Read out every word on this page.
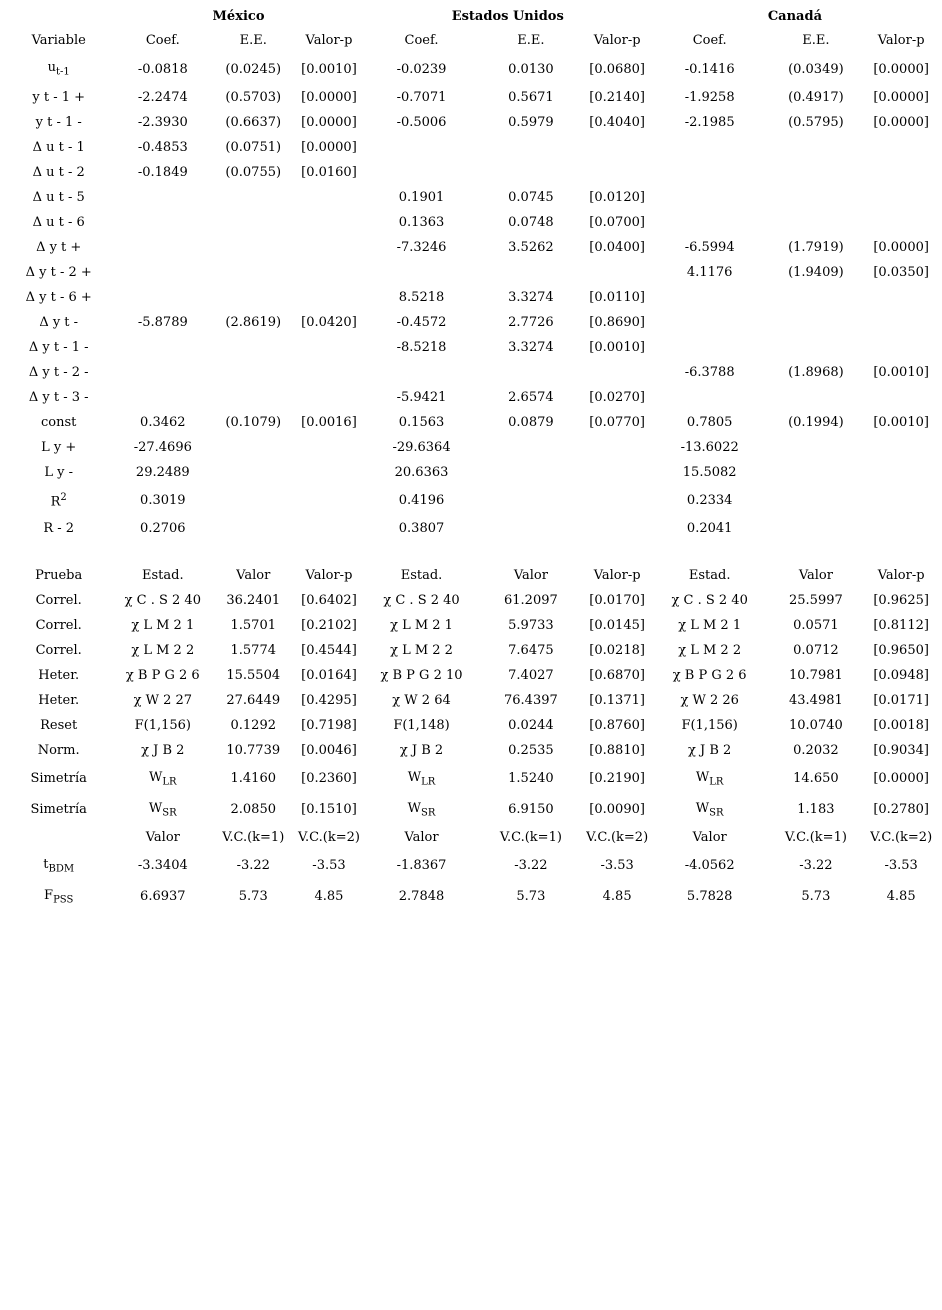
	México			Estados Unidos			Canadá		
Variable	Coef.	E.E.	Valor-p	Coef.	E.E.	Valor-p	Coef.	E.E.	Valor-p
$u_{t-1}$	-0.0818	(0.0245)	[0.0010]	-0.0239	0.0130	[0.0680]	-0.1416	(0.0349)	[0.0000]
y t - 1 +	-2.2474	(0.5703)	[0.0000]	-0.7071	0.5671	[0.2140]	-1.9258	(0.4917)	[0.0000]
y t - 1 -	-2.3930	(0.6637)	[0.0000]	-0.5006	0.5979	[0.4040]	-2.1985	(0.5795)	[0.0000]
Δ u t - 1	-0.4853	(0.0751)	[0.0000]						
Δ u t - 2	-0.1849	(0.0755)	[0.0160]						
Δ u t - 5				0.1901	0.0745	[0.0120]			
Δ u t - 6				0.1363	0.0748	[0.0700]			
Δ y t +				-7.3246	3.5262	[0.0400]	-6.5994	(1.7919)	[0.0000]
Δ y t - 2 +							4.1176	(1.9409)	[0.0350]
Δ y t - 6 +				8.5218	3.3274	[0.0110]			
Δ y t -	-5.8789	(2.8619)	[0.0420]	-0.4572	2.7726	[0.8690]			
Δ y t - 1 -				-8.5218	3.3274	[0.0010]			
Δ y t - 2 -							-6.3788	(1.8968)	[0.0010]
Δ y t - 3 -				-5.9421	2.6574	[0.0270]			
const	0.3462	(0.1079)	[0.0016]	0.1563	0.0879	[0.0770]	0.7805	(0.1994)	[0.0010]
L y +	-27.4696			-29.6364			-13.6022		
L y -	29.2489			20.6363			15.5082		
$R^2$	0.3019			0.4196			0.2334		
R - 2	0.2706			0.3807			0.2041		

Prueba	Estad.	Valor	Valor-p	Estad.	Valor	Valor-p	Estad.	Valor	Valor-p
Correl.	χ C . S 2 40	36.2401	[0.6402]	χ C . S 2 40	61.2097	[0.0170]	χ C . S 2 40	25.5997	[0.9625]
Correl.	χ L M 2 1	1.5701	[0.2102]	χ L M 2 1	5.9733	[0.0145]	χ L M 2 1	0.0571	[0.8112]
Correl.	χ L M 2 2	1.5774	[0.4544]	χ L M 2 2	7.6475	[0.0218]	χ L M 2 2	0.0712	[0.9650]
Heter.	χ B P G 2 6	15.5504	[0.0164]	χ B P G 2 10	7.4027	[0.6870]	χ B P G 2 6	10.7981	[0.0948]
Heter.	χ W 2 27	27.6449	[0.4295]	χ W 2 64	76.4397	[0.1371]	χ W 2 26	43.4981	[0.0171]
Reset	F(1,156)	0.1292	[0.7198]	F(1,148)	0.0244	[0.8760]	F(1,156)	10.0740	[0.0018]
Norm.	χ J B 2	10.7739	[0.0046]	χ J B 2	0.2535	[0.8810]	χ J B 2	0.2032	[0.9034]
Simetría	$W_{LR}$	1.4160	[0.2360]	$W_{LR}$	1.5240	[0.2190]	$W_{LR}$	14.650	[0.0000]
Simetría	$W_{SR}$	2.0850	[0.1510]	$W_{SR}$	6.9150	[0.0090]	$W_{SR}$	1.183	[0.2780]
	Valor	V.C.(k=1)	V.C.(k=2)	Valor	V.C.(k=1)	V.C.(k=2)	Valor	V.C.(k=1)	V.C.(k=2)
$t_{BDM}$	-3.3404	-3.22	-3.53	-1.8367	-3.22	-3.53	-4.0562	-3.22	-3.53
$F_{PSS}$	6.6937	5.73	4.85	2.7848	5.73	4.85	5.7828	5.73	4.85
